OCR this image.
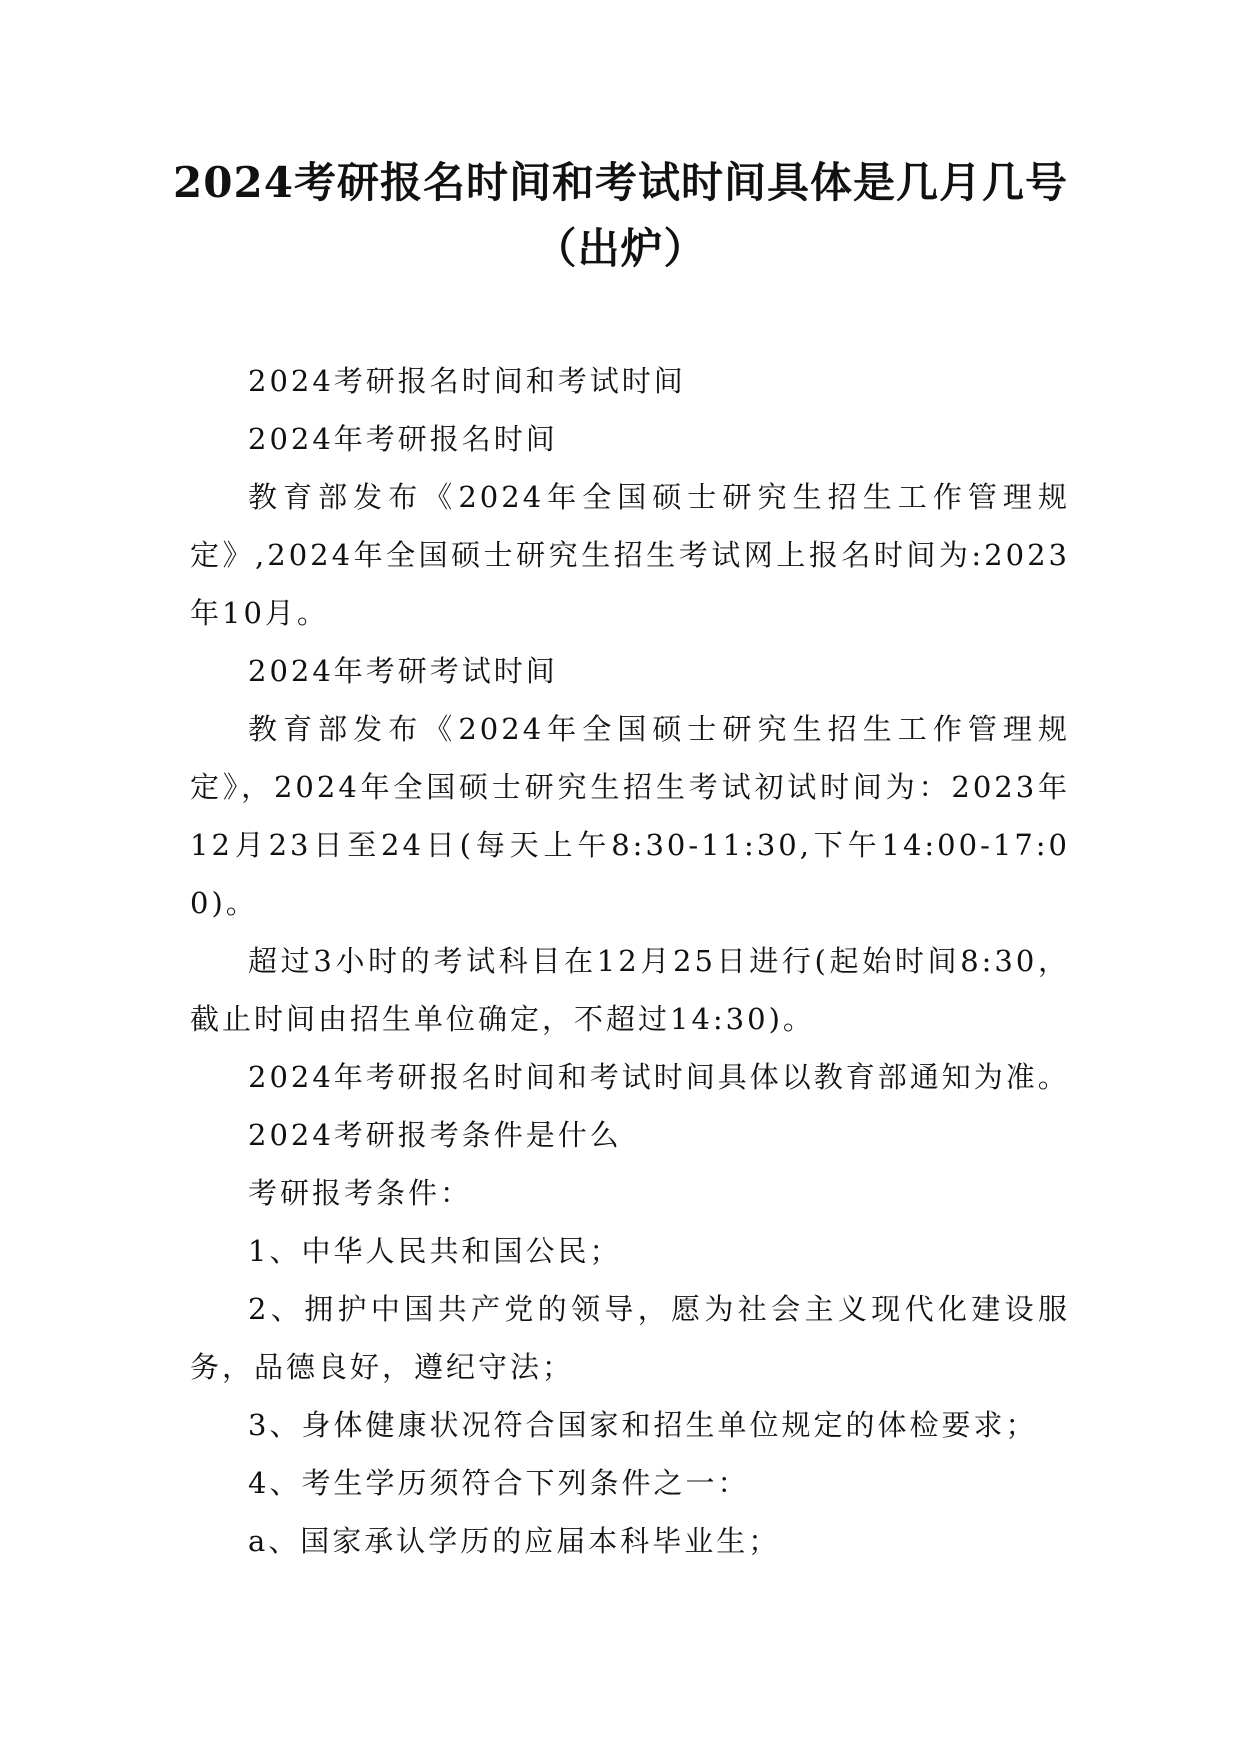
2024考研报名时间和考试时间具体是几月几号（出炉）

2024考研报名时间和考试时间

2024年考研报名时间

教育部发布《2024年全国硕士研究生招生工作管理规定》,2024年全国硕士研究生招生考试网上报名时间为:2023年10月。

2024年考研考试时间

教育部发布《2024年全国硕士研究生招生工作管理规定》，2024年全国硕士研究生招生考试初试时间为：2023年12月23日至24日(每天上午8:30-11:30,下午14:00-17:00)。

超过3小时的考试科目在12月25日进行(起始时间8:30，截止时间由招生单位确定，不超过14:30)。

2024年考研报名时间和考试时间具体以教育部通知为准。

2024考研报考条件是什么

考研报考条件：

1、中华人民共和国公民；

2、拥护中国共产党的领导，愿为社会主义现代化建设服务，品德良好，遵纪守法；

3、身体健康状况符合国家和招生单位规定的体检要求；

4、考生学历须符合下列条件之一：

a、国家承认学历的应届本科毕业生；
